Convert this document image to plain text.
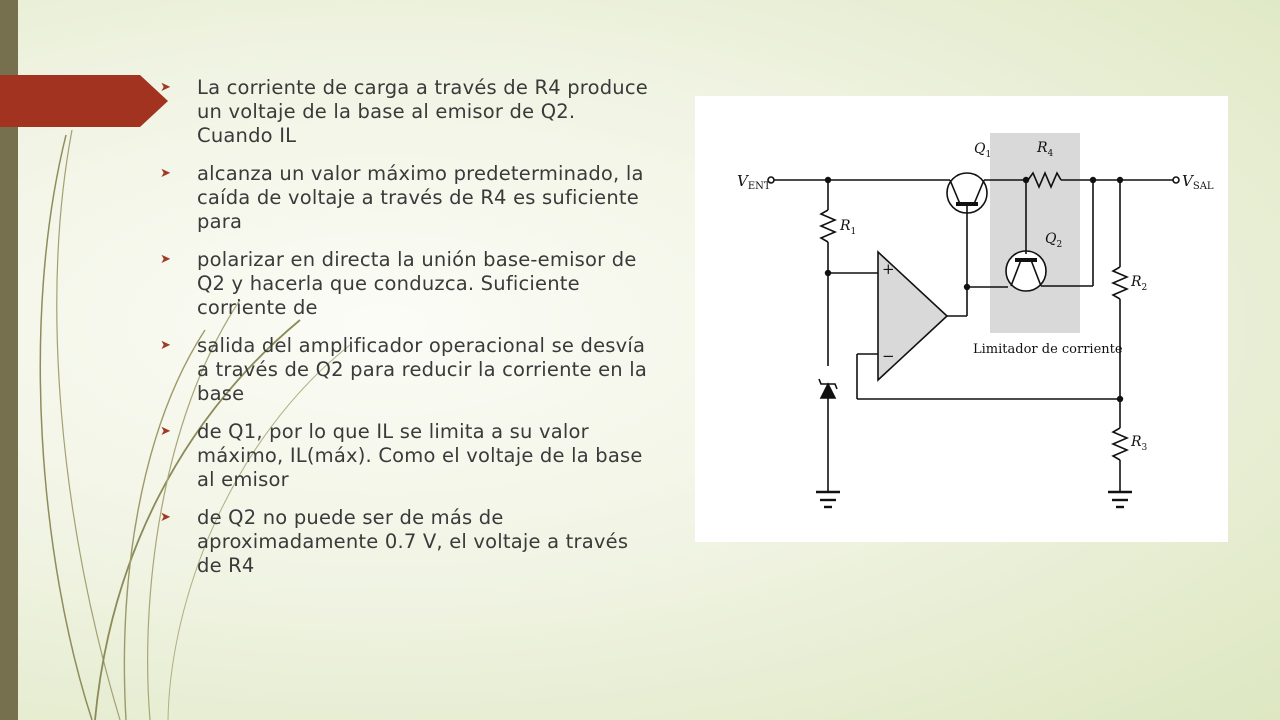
➤ La corriente de carga a través de R4 produce un voltaje de la base al emisor de Q2. Cuando IL
➤ alcanza un valor máximo predeterminado, la caída de voltaje a través de R4 es suficiente para
➤ polarizar en directa la unión base-emisor de Q2 y hacerla que conduzca. Suficiente corriente de
➤ salida del amplificador operacional se desvía a través de Q2 para reducir la corriente en la base
➤ de Q1, por lo que IL se limita a su valor máximo, IL(máx). Como el voltaje de la base al emisor
➤ de Q2 no puede ser de más de aproximadamente 0.7 V, el voltaje a través de R4
$V_{ENT}$	$V_{SAL}$
$Q_1$
$Q_2$
$R_4$
$R_1$
$R_2$
$R_3$
+
−	Limitador de corriente
